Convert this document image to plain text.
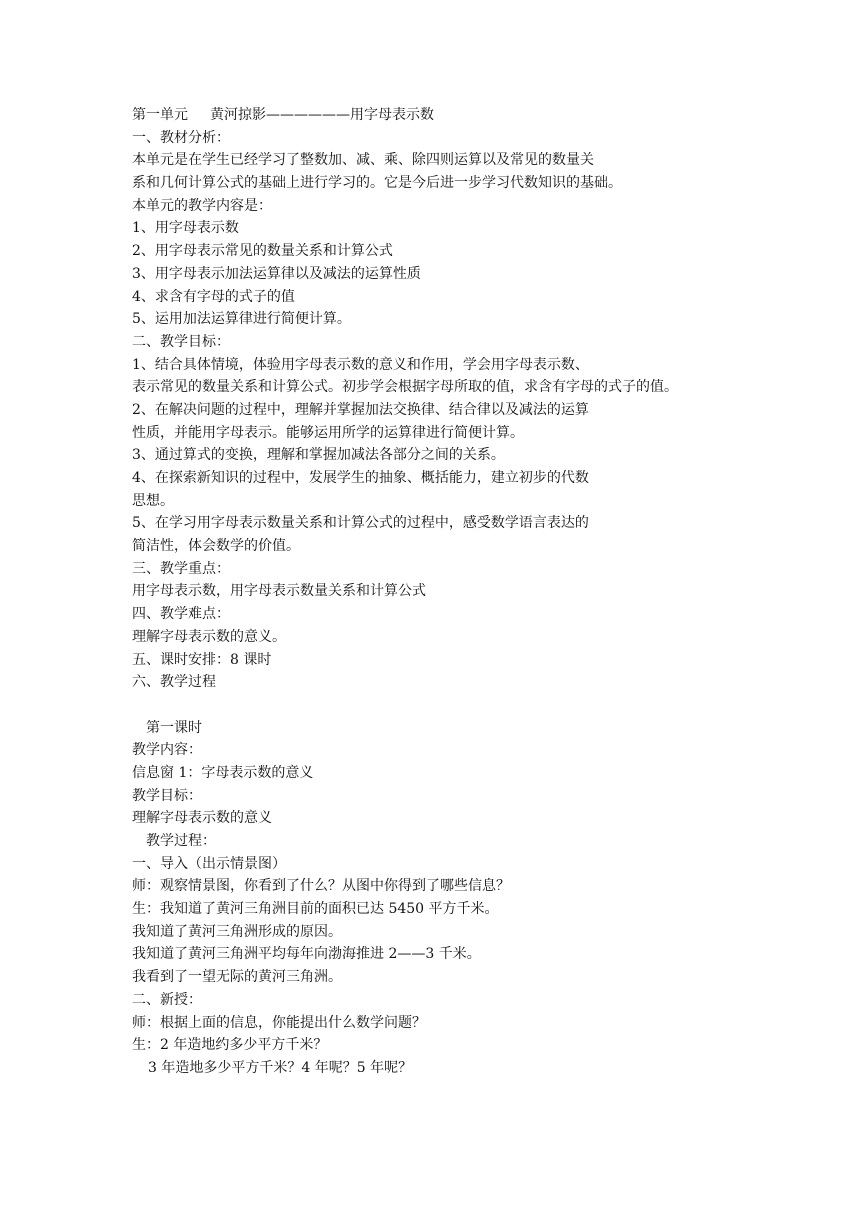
第一单元 黄河掠影——————用字母表示数

一、教材分析：

本单元是在学生已经学习了整数加、减、乘、除四则运算以及常见的数量关

系和几何计算公式的基础上进行学习的。它是今后进一步学习代数知识的基础。

本单元的教学内容是：

1、用字母表示数

2、用字母表示常见的数量关系和计算公式

3、用字母表示加法运算律以及减法的运算性质

4、求含有字母的式子的值

5、运用加法运算律进行简便计算。

二、教学目标：

1、结合具体情境，体验用字母表示数的意义和作用，学会用字母表示数、

表示常见的数量关系和计算公式。初步学会根据字母所取的值，求含有字母的式子的值。

2、在解决问题的过程中，理解并掌握加法交换律、结合律以及减法的运算

性质，并能用字母表示。能够运用所学的运算律进行简便计算。

3、通过算式的变换，理解和掌握加减法各部分之间的关系。

4、在探索新知识的过程中，发展学生的抽象、概括能力，建立初步的代数

思想。

5、在学习用字母表示数量关系和计算公式的过程中，感受数学语言表达的

简洁性，体会数学的价值。

三、教学重点：

用字母表示数，用字母表示数量关系和计算公式

四、教学难点：

理解字母表示数的意义。

五、课时安排：8 课时

六、教学过程

第一课时

教学内容：

信息窗 1：字母表示数的意义

教学目标：

理解字母表示数的意义

教学过程：

一、导入（出示情景图）

师：观察情景图，你看到了什么？从图中你得到了哪些信息？

生：我知道了黄河三角洲目前的面积已达 5450 平方千米。

我知道了黄河三角洲形成的原因。

我知道了黄河三角洲平均每年向渤海推进 2——3 千米。

我看到了一望无际的黄河三角洲。

二、新授：

师：根据上面的信息，你能提出什么数学问题？

生：2 年造地约多少平方千米？

3 年造地多少平方千米？4 年呢？5 年呢？
